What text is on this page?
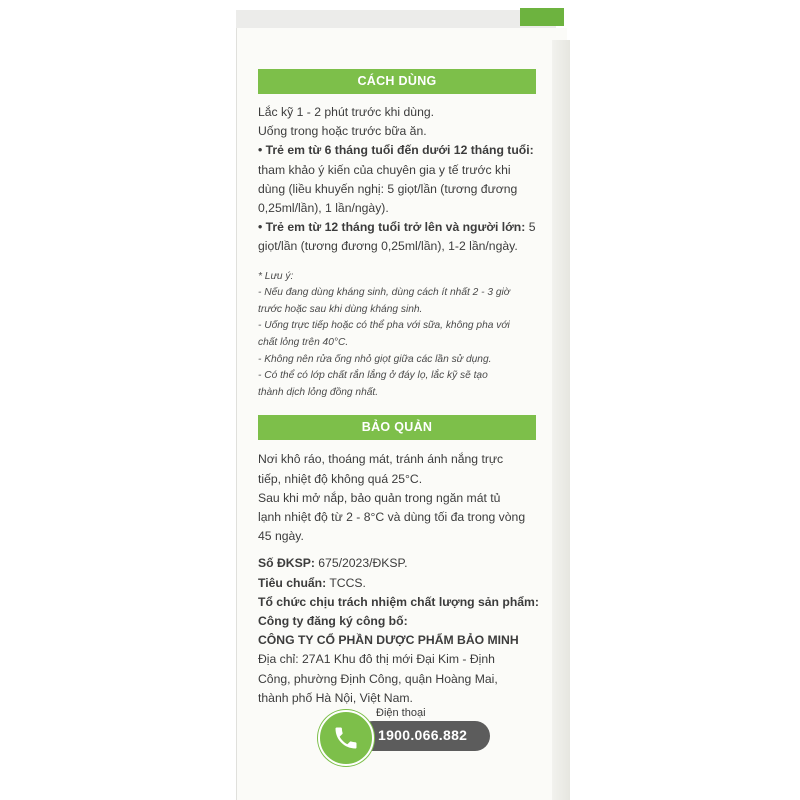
CÁCH DÙNG
Lắc kỹ 1 - 2 phút trước khi dùng.
Uống trong hoặc trước bữa ăn.
• Trẻ em từ 6 tháng tuổi đến dưới 12 tháng tuổi:
tham khảo ý kiến của chuyên gia y tế trước khi
dùng (liều khuyến nghị: 5 giọt/lần (tương đương
0,25ml/lần), 1 lần/ngày).
• Trẻ em từ 12 tháng tuổi trở lên và người lớn: 5
giọt/lần (tương đương 0,25ml/lần), 1-2 lần/ngày.
* Lưu ý:
- Nếu đang dùng kháng sinh, dùng cách ít nhất 2 - 3 giờ
trước hoặc sau khi dùng kháng sinh.
- Uống trực tiếp hoặc có thể pha với sữa, không pha với
chất lỏng trên 40°C.
- Không nên rửa ống nhỏ giọt giữa các lần sử dụng.
- Có thể có lớp chất rắn lắng ở đáy lọ, lắc kỹ sẽ tạo
thành dịch lỏng đồng nhất.
BẢO QUẢN
Nơi khô ráo, thoáng mát, tránh ánh nắng trực
tiếp, nhiệt độ không quá 25°C.
Sau khi mở nắp, bảo quản trong ngăn mát tủ
lạnh nhiệt độ từ 2 - 8°C và dùng tối đa trong vòng
45 ngày.
Số ĐKSP: 675/2023/ĐKSP.
Tiêu chuẩn: TCCS.
Tổ chức chịu trách nhiệm chất lượng sản phẩm:
Công ty đăng ký công bố:
CÔNG TY CỔ PHẦN DƯỢC PHẨM BẢO MINH
Địa chỉ: 27A1 Khu đô thị mới Đại Kim - Định
Công, phường Định Công, quận Hoàng Mai,
thành phố Hà Nội, Việt Nam.
Điện thoại
1900.066.882
